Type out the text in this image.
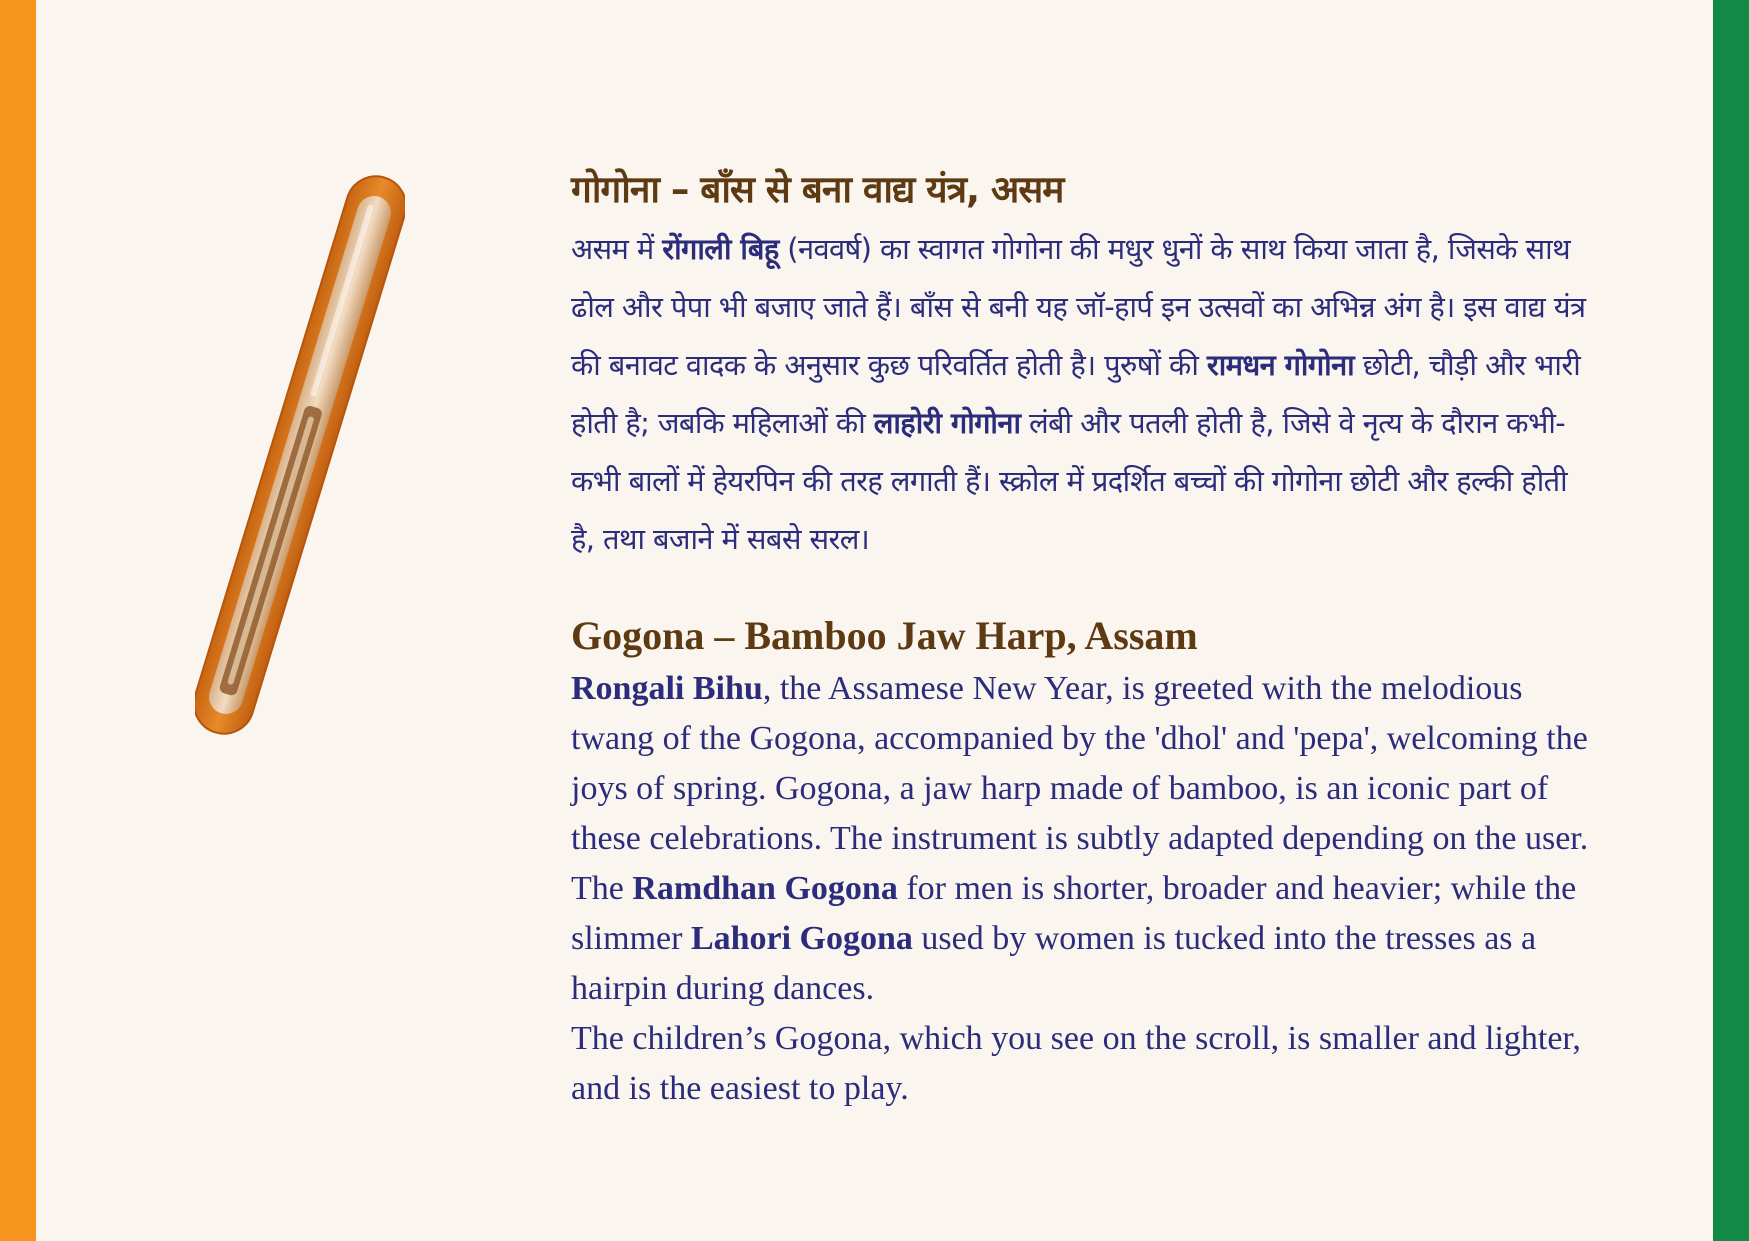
गोगोना – बाँस से बना वाद्य यंत्र, असम

असम में रोंगाली बिहू (नववर्ष) का स्वागत गोगोना की मधुर धुनों के साथ किया जाता है, जिसके साथ ढोल और पेपा भी बजाए जाते हैं। बाँस से बनी यह जॉ-हार्प इन उत्सवों का अभिन्न अंग है। इस वाद्य यंत्र की बनावट वादक के अनुसार कुछ परिवर्तित होती है। पुरुषों की रामधन गोगोना छोटी, चौड़ी और भारी होती है; जबकि महिलाओं की लाहोरी गोगोना लंबी और पतली होती है, जिसे वे नृत्य के दौरान कभी-कभी बालों में हेयरपिन की तरह लगाती हैं। स्क्रोल में प्रदर्शित बच्चों की गोगोना छोटी और हल्की होती है, तथा बजाने में सबसे सरल।

Gogona – Bamboo Jaw Harp, Assam

Rongali Bihu, the Assamese New Year, is greeted with the melodious twang of the Gogona, accompanied by the 'dhol' and 'pepa', welcoming the joys of spring. Gogona, a jaw harp made of bamboo, is an iconic part of these celebrations. The instrument is subtly adapted depending on the user. The Ramdhan Gogona for men is shorter, broader and heavier; while the slimmer Lahori Gogona used by women is tucked into the tresses as a hairpin during dances.

The children’s Gogona, which you see on the scroll, is smaller and lighter, and is the easiest to play.
